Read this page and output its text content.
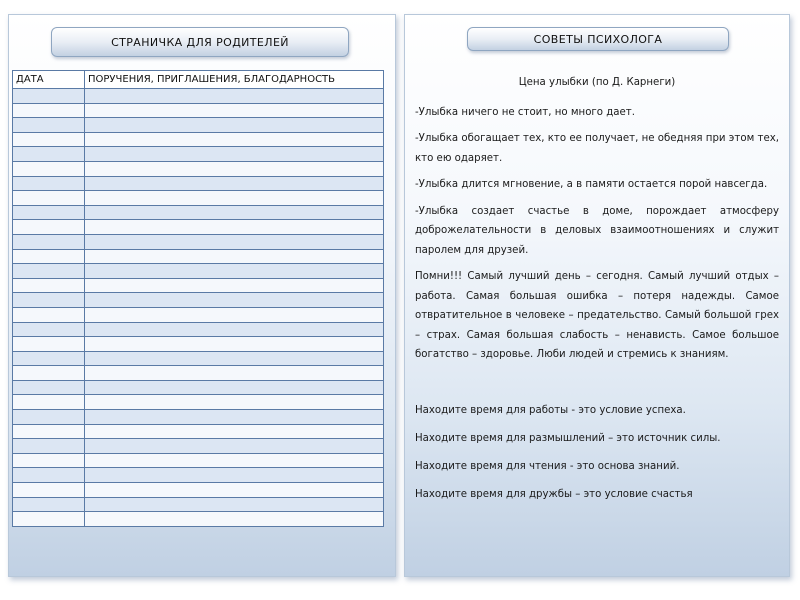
СТРАНИЧКА ДЛЯ РОДИТЕЛЕЙ
ДАТА	ПОРУЧЕНИЯ, ПРИГЛАШЕНИЯ, БЛАГОДАРНОСТЬ

СОВЕТЫ ПСИХОЛОГА
Цена улыбки (по Д. Карнеги)

-Улыбка ничего не стоит, но много дает.

-Улыбка обогащает тех, кто ее получает, не обедняя при этом тех, кто ею одаряет.

-Улыбка длится мгновение, а в памяти остается порой навсегда.

-Улыбка создает счастье в доме, порождает атмосферу доброжелательности в деловых взаимоотношениях и служит паролем для друзей.

Помни!!! Самый лучший день – сегодня. Самый лучший отдых – работа. Самая большая ошибка – потеря надежды. Самое отвратительное в человеке – предательство. Самый большой грех – страх. Самая большая слабость – ненависть. Самое большое богатство – здоровье. Люби людей и стремись к знаниям.

Находите время для работы - это условие успеха.

Находите время для размышлений – это источник силы.

Находите время для чтения - это основа знаний.

Находите время для дружбы – это условие счастья
